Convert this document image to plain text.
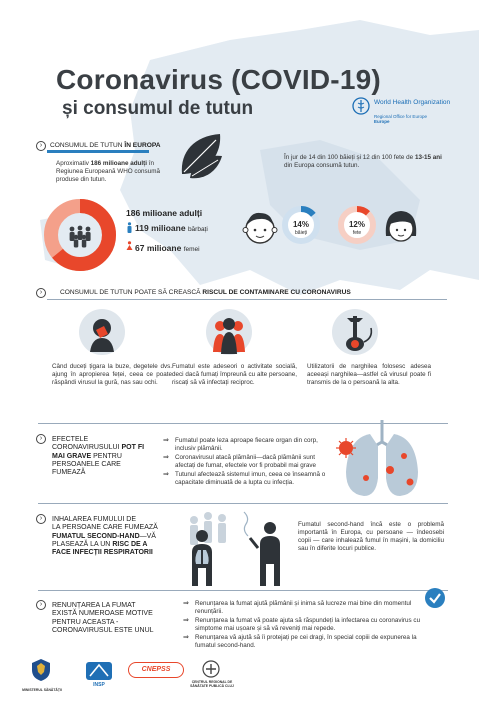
Coronavirus (COVID-19)
și consumul de tutun	World Health Organization
Regional Office for Europe
Europe
›	CONSUMUL DE TUTUN ÎN EUROPA
Aproximativ 186 milioane adulți în Regiunea Europeană WHO consumă produse din tutun.
186 milioane adulți
119 milioane bărbați
67 milioane femei
În jur de 14 din 100 băieți și 12 din 100 fete de 13-15 ani din Europa consumă tutun.
14%
băieți
12%
fete
›	CONSUMUL DE TUTUN POATE SĂ CREASCĂ RISCUL DE CONTAMINARE CU CORONAVIRUS
Când duceți țigara la buze, degetele dvs. ajung în apropierea feței, ceea ce poate răspândi virusul la gură, nas sau ochi.
Fumatul este adeseori o activitate socială, deci dacă fumați împreună cu alte persoane, riscați să vă infectați reciproc.
Utilizatorii de narghilea folosesc adesea aceeași narghilea—astfel că virusul poate fi transmis de la o persoană la alta.
›	EFECTELE
CORONAVIRUSULUI POT FI
MAI GRAVE PENTRU
PERSOANELE CARE
FUMEAZĂ
⇒ Fumatul poate leza aproape fiecare organ din corp, inclusiv plămânii.
⇒ Coronavirusul atacă plămânii—dacă plămânii sunt afectați de fumat, efectele vor fi probabil mai grave
⇒ Tutunul afectează sistemul imun, ceea ce înseamnă o capacitate diminuată de a lupta cu infecția.
›	INHALAREA FUMULUI DE
LA PERSOANE CARE FUMEAZĂ
FUMATUL SECOND-HAND—VĂ
PLASEAZĂ LA UN RISC DE A
FACE INFECȚII RESPIRATORII
Fumatul second-hand încă este o problemă importantă în Europa, cu persoane — îndeosebi copii — care inhalează fumul în mașini, la domiciliu sau în diferite locuri publice.
›	RENUNȚAREA LA FUMAT
EXISTĂ NUMEROASE MOTIVE
PENTRU ACEASTA -
CORONAVIRUSUL ESTE UNUL
⇒ Renunțarea la fumat ajută plămânii și inima să lucreze mai bine din momentul renunțării.
⇒ Renunțarea la fumat vă poate ajuta să răspundeți la infectarea cu coronavirus cu simptome mai ușoare și să vă reveniți mai repede.
⇒ Renunțarea vă ajută să îi protejați pe cei dragi, în special copiii de expunerea la fumatul second-hand.
MINISTERUL SĂNĂTĂȚII
INSP
CNEPSS
CENTRUL REGIONAL DE SĂNĂTATE PUBLICĂ CLUJ
